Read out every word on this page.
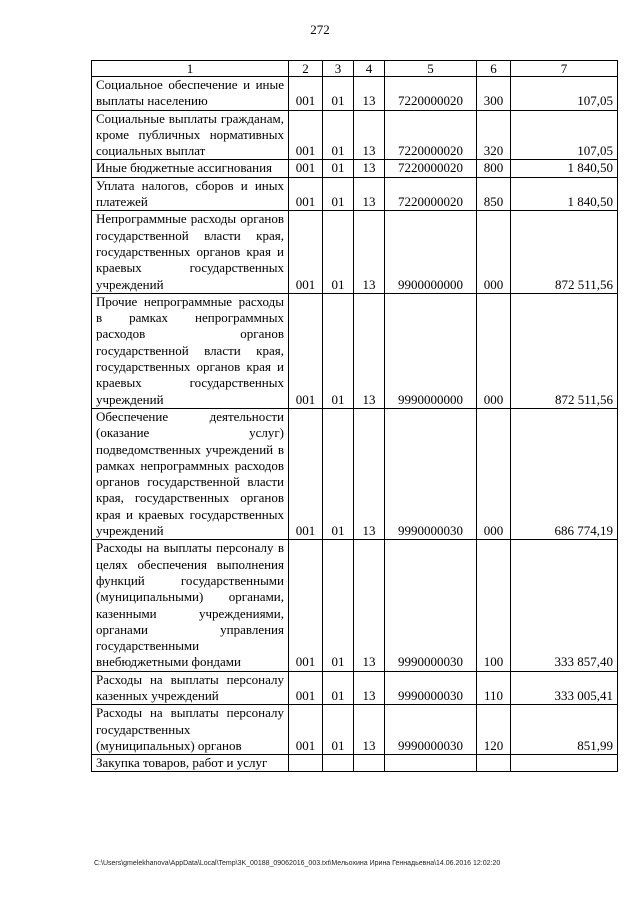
272
1	2	3	4	5	6	7
Социальное обеспечение и иные выплаты населению	001	01	13	7220000020	300	107,05
Социальные выплаты гражданам, кроме публичных нормативных социальных выплат	001	01	13	7220000020	320	107,05
Иные бюджетные ассигнования	001	01	13	7220000020	800	1 840,50
Уплата налогов, сборов и иных платежей	001	01	13	7220000020	850	1 840,50
Непрограммные расходы органов государственной власти края, государственных органов края и краевых государственных учреждений	001	01	13	9900000000	000	872 511,56
Прочие непрограммные расходы в рамках непрограммных расходов органов государственной власти края, государственных органов края и краевых государственных учреждений	001	01	13	9990000000	000	872 511,56
Обеспечение деятельности (оказание услуг) подведомственных учреждений в рамках непрограммных расходов органов государственной власти края, государственных органов края и краевых государственных учреждений	001	01	13	9990000030	000	686 774,19
Расходы на выплаты персоналу в целях обеспечения выполнения функций государственными (муниципальными) органами, казенными учреждениями, органами управления государственными внебюджетными фондами	001	01	13	9990000030	100	333 857,40
Расходы на выплаты персоналу казенных учреждений	001	01	13	9990000030	110	333 005,41
Расходы на выплаты персоналу государственных (муниципальных) органов	001	01	13	9990000030	120	851,99
Закупка товаров, работ и услуг						
C:\Users\gmelekhanova\AppData\Local\Temp\3K_00188_09062016_003.txt\Мельохина Ирина Геннадьевна\14.06.2016 12:02:20
